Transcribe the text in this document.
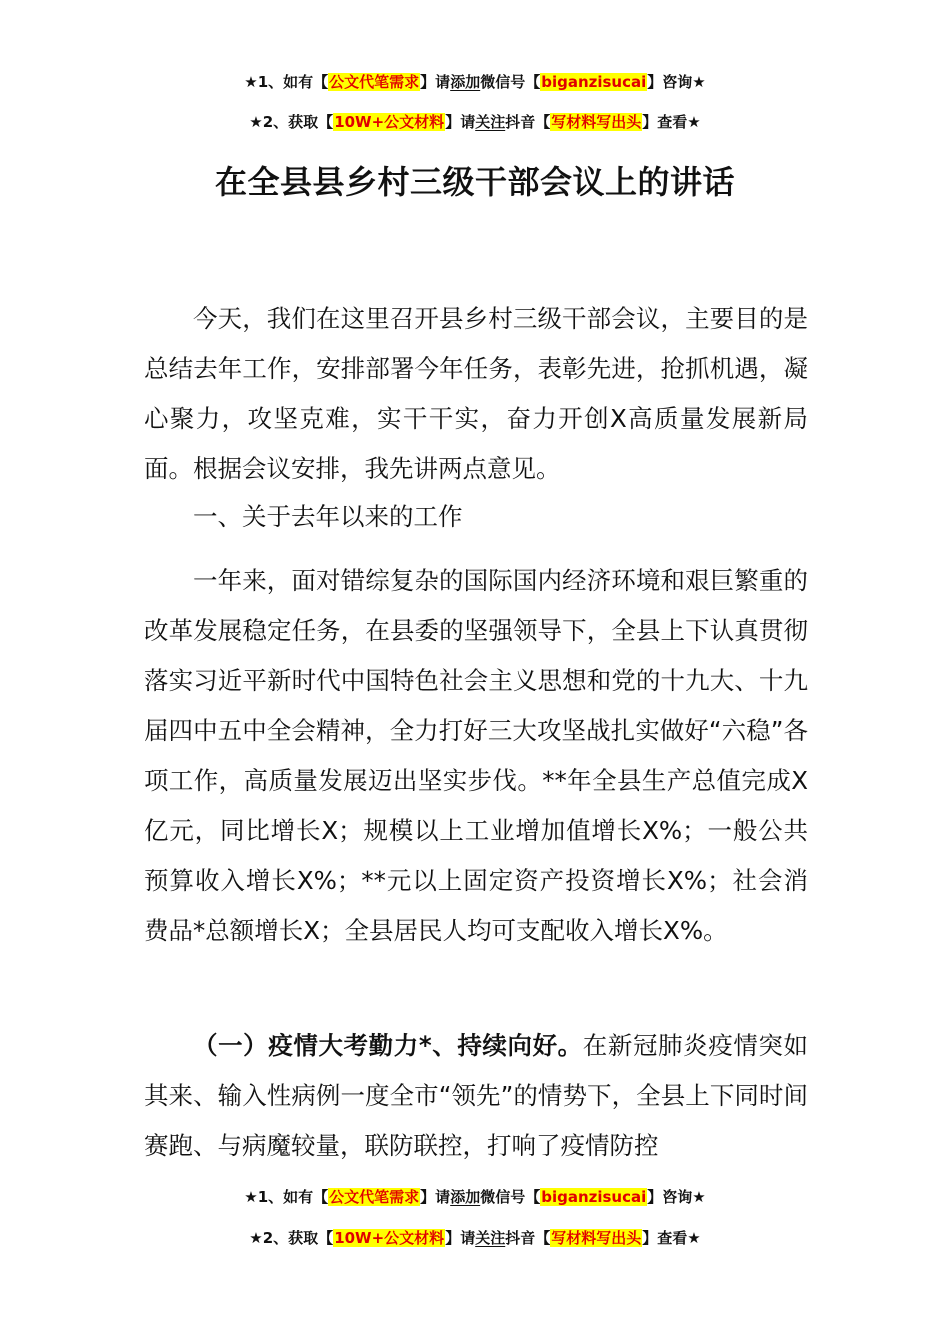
★1、如有【公文代笔需求】请添加微信号【biganzisucai】咨询★
★2、获取【10W+公文材料】请关注抖音【写材料写出头】查看★
在全县县乡村三级干部会议上的讲话

今天，我们在这里召开县乡村三级干部会议，主要目的是总结去年工作，安排部署今年任务，表彰先进，抢抓机遇，凝心聚力，攻坚克难，实干干实，奋力开创X高质量发展新局面。根据会议安排，我先讲两点意见。

一、关于去年以来的工作

一年来，面对错综复杂的国际国内经济环境和艰巨繁重的改革发展稳定任务，在县委的坚强领导下，全县上下认真贯彻落实习近平新时代中国特色社会主义思想和党的十九大、十九届四中五中全会精神，全力打好三大攻坚战扎实做好“六稳”各项工作，高质量发展迈出坚实步伐。**年全县生产总值完成X亿元，同比增长X；规模以上工业增加值增长X%；一般公共预算收入增长X%；**元以上固定资产投资增长X%；社会消费品*总额增长X；全县居民人均可支配收入增长X%。

（一）疫情大考勤力*、持续向好。在新冠肺炎疫情突如其来、输入性病例一度全市“领先”的情势下，全县上下同时间赛跑、与病魔较量，联防联控，打响了疫情防控

★1、如有【公文代笔需求】请添加微信号【biganzisucai】咨询★
★2、获取【10W+公文材料】请关注抖音【写材料写出头】查看★
